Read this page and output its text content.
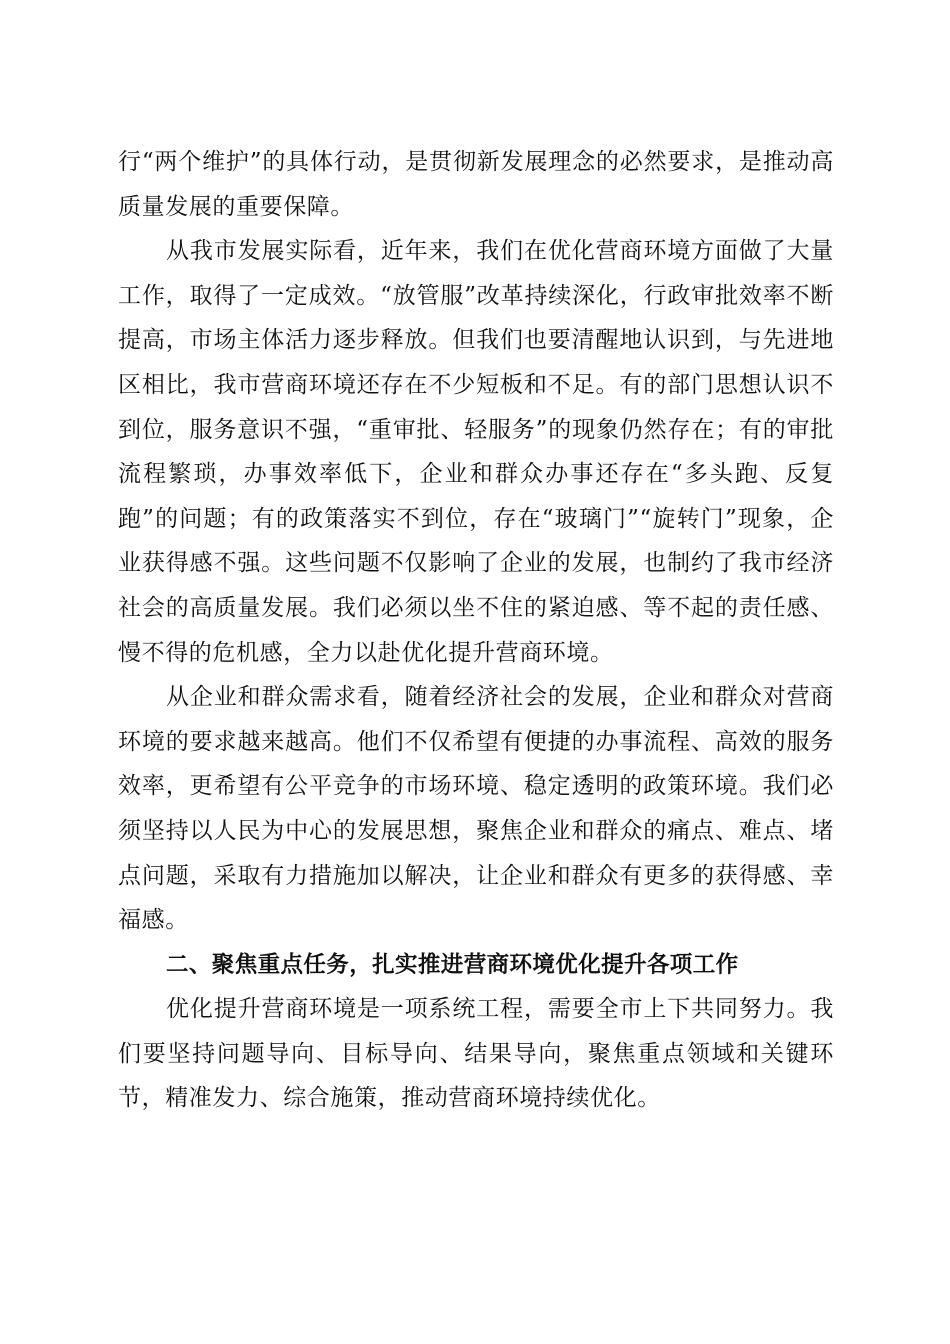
行“两个维护”的具体行动，是贯彻新发展理念的必然要求，是推动高质量发展的重要保障。

从我市发展实际看，近年来，我们在优化营商环境方面做了大量工作，取得了一定成效。“放管服”改革持续深化，行政审批效率不断提高，市场主体活力逐步释放。但我们也要清醒地认识到，与先进地区相比，我市营商环境还存在不少短板和不足。有的部门思想认识不到位，服务意识不强，“重审批、轻服务”的现象仍然存在；有的审批流程繁琐，办事效率低下，企业和群众办事还存在“多头跑、反复跑”的问题；有的政策落实不到位，存在“玻璃门”“旋转门”现象，企业获得感不强。这些问题不仅影响了企业的发展，也制约了我市经济社会的高质量发展。我们必须以坐不住的紧迫感、等不起的责任感、慢不得的危机感，全力以赴优化提升营商环境。

从企业和群众需求看，随着经济社会的发展，企业和群众对营商环境的要求越来越高。他们不仅希望有便捷的办事流程、高效的服务效率，更希望有公平竞争的市场环境、稳定透明的政策环境。我们必须坚持以人民为中心的发展思想，聚焦企业和群众的痛点、难点、堵点问题，采取有力措施加以解决，让企业和群众有更多的获得感、幸福感。

二、聚焦重点任务，扎实推进营商环境优化提升各项工作

优化提升营商环境是一项系统工程，需要全市上下共同努力。我们要坚持问题导向、目标导向、结果导向，聚焦重点领域和关键环节，精准发力、综合施策，推动营商环境持续优化。
